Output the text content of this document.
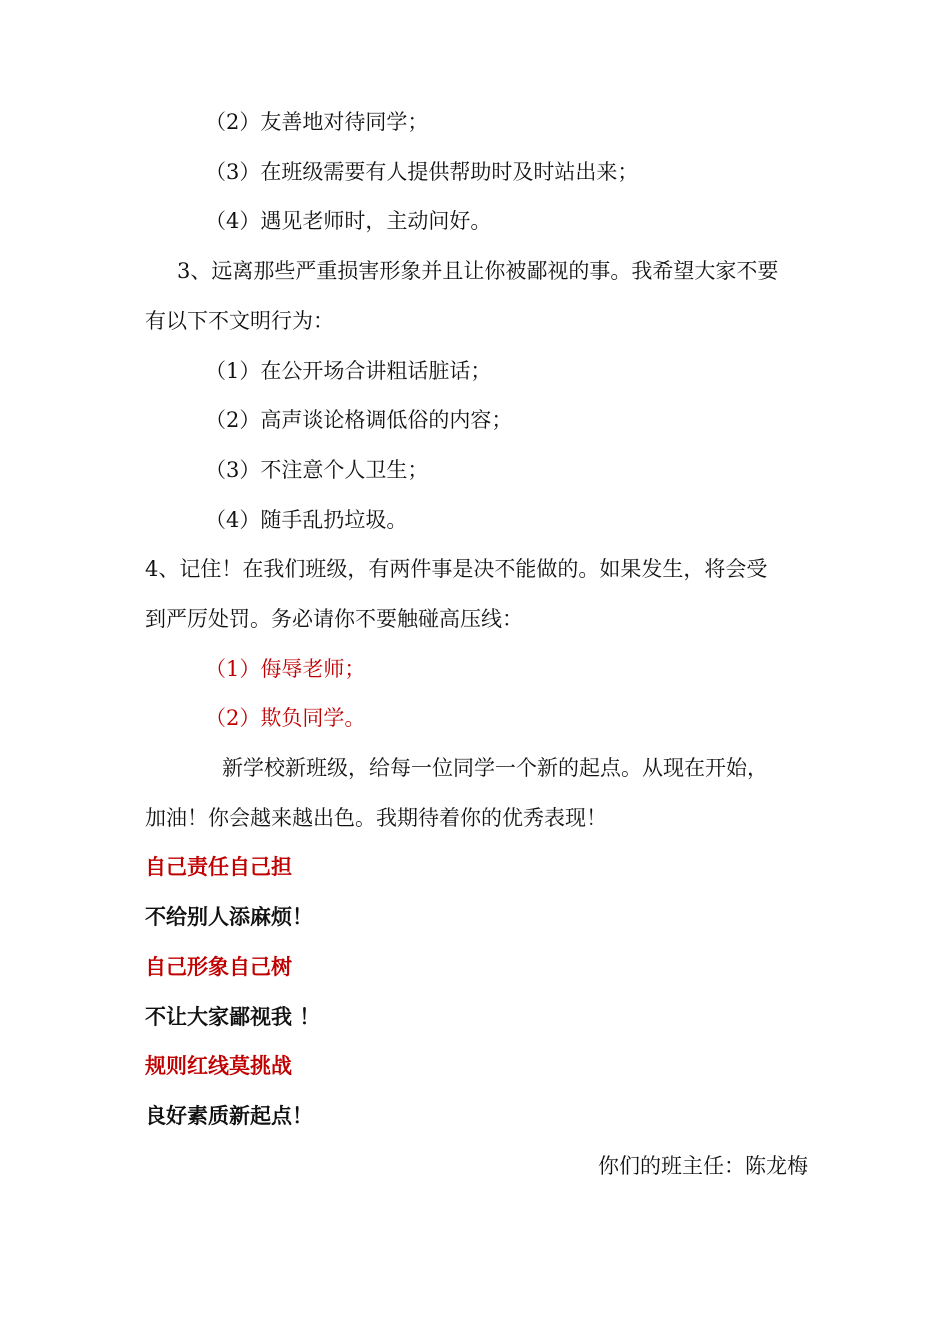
（2）友善地对待同学；
（3）在班级需要有人提供帮助时及时站出来；
（4）遇见老师时，主动问好。
3、远离那些严重损害形象并且让你被鄙视的事。我希望大家不要
有以下不文明行为：
（1）在公开场合讲粗话脏话；
（2）高声谈论格调低俗的内容；
（3）不注意个人卫生；
（4）随手乱扔垃圾。
4、记住！在我们班级，有两件事是决不能做的。如果发生，将会受
到严厉处罚。务必请你不要触碰高压线：
（1）侮辱老师；
（2）欺负同学。
新学校新班级，给每一位同学一个新的起点。从现在开始，
加油！你会越来越出色。我期待着你的优秀表现！
自己责任自己担
不给别人添麻烦！
自己形象自己树
不让大家鄙视我 ！
规则红线莫挑战
良好素质新起点！
你们的班主任：陈龙梅
